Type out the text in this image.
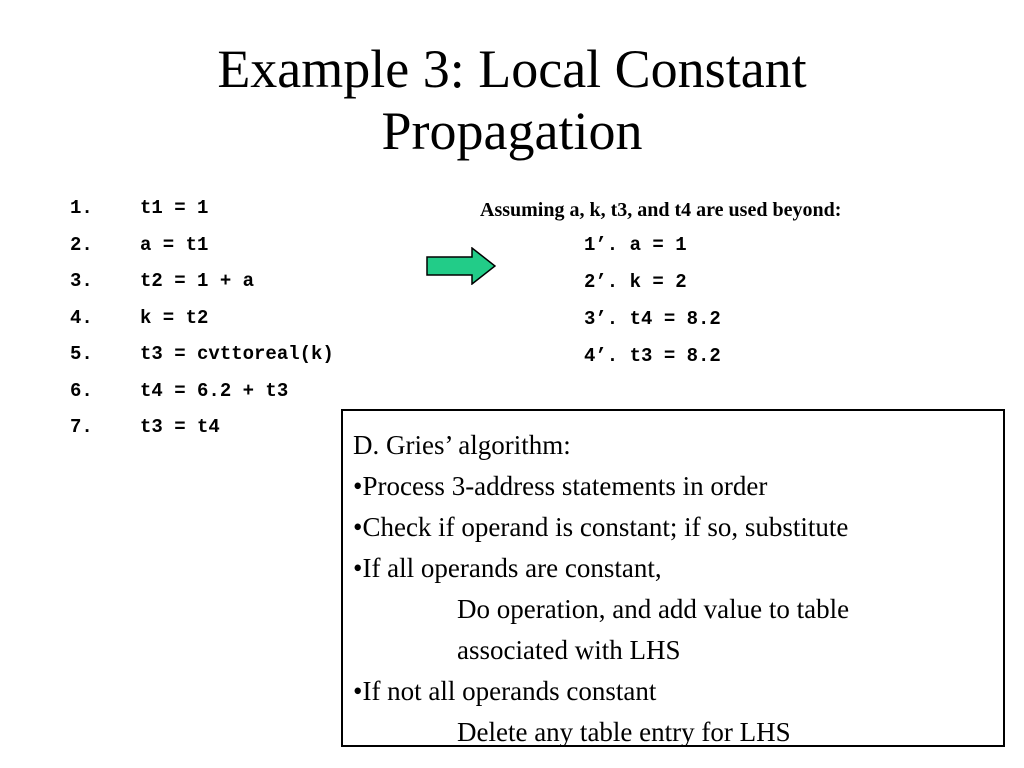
Example 3: Local Constant
Propagation
1. t1 = 1
2. a = t1
3. t2 = 1 + a
4. k = t2
5. t3 = cvttoreal(k)
6. t4 = 6.2 + t3
7. t3 = t4
Assuming a, k, t3, and t4 are used beyond:
1’. a = 1
2’. k = 2
3’. t4 = 8.2
4’. t3 = 8.2
D. Gries’ algorithm:
•Process 3-address statements in order
•Check if operand is constant; if so, substitute
•If all operands are constant,
Do operation, and add value to table
associated with LHS
•If not all operands constant
Delete any table entry for LHS
